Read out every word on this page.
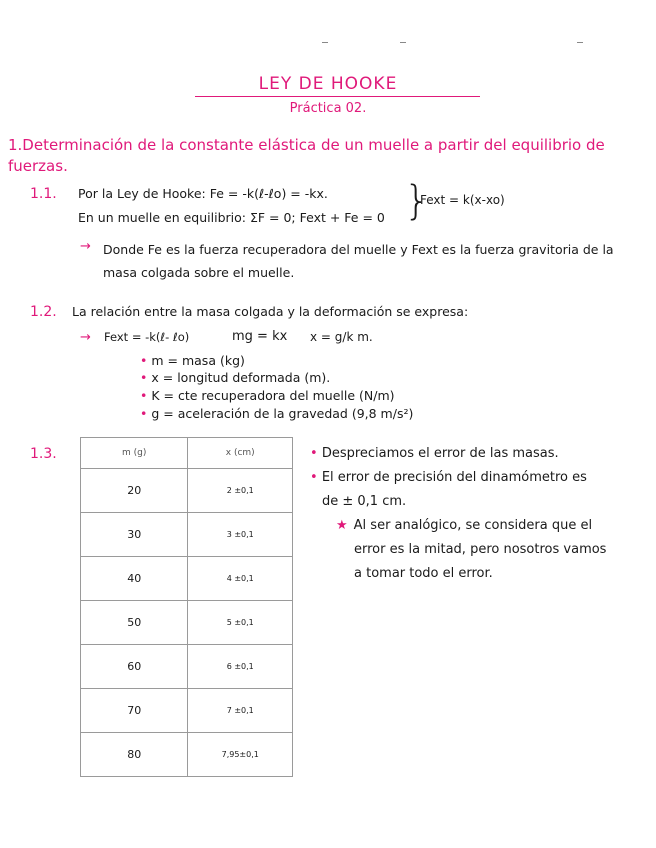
LEY DE HOOKE
Práctica 02.
1.Determinación de la constante elástica de un muelle a partir del equilibrio de fuerzas.
1.1. Por la Ley de Hooke: Fe = -k(ℓ-ℓo) = -kx.
En un muelle en equilibrio: ΣF = 0; Fext + Fe = 0 }
Fext = k(x-xo)
→ Donde Fe es la fuerza recuperadora del muelle y Fext es la fuerza gravitoria de la masa colgada sobre el muelle.
1.2. La relación entre la masa colgada y la deformación se expresa:
→ Fext = -k(ℓ- ℓo)	mg = kx x = g/k m.
• m = masa (kg)
• x = longitud deformada (m).
• K = cte recuperadora del muelle (N/m)
• g = aceleración de la gravedad (9,8 m/s²)
1.3.	m (g)	x (cm)
20	2 ±0,1
30	3 ±0,1
40	4 ±0,1
50	5 ±0,1
60	6 ±0,1
70	7 ±0,1
80	7,95±0,1
• Despreciamos el error de las masas.
• El error de precisión del dinamómetro es
de ± 0,1 cm.
★ Al ser analógico, se considera que el
error es la mitad, pero nosotros vamos
a tomar todo el error.
